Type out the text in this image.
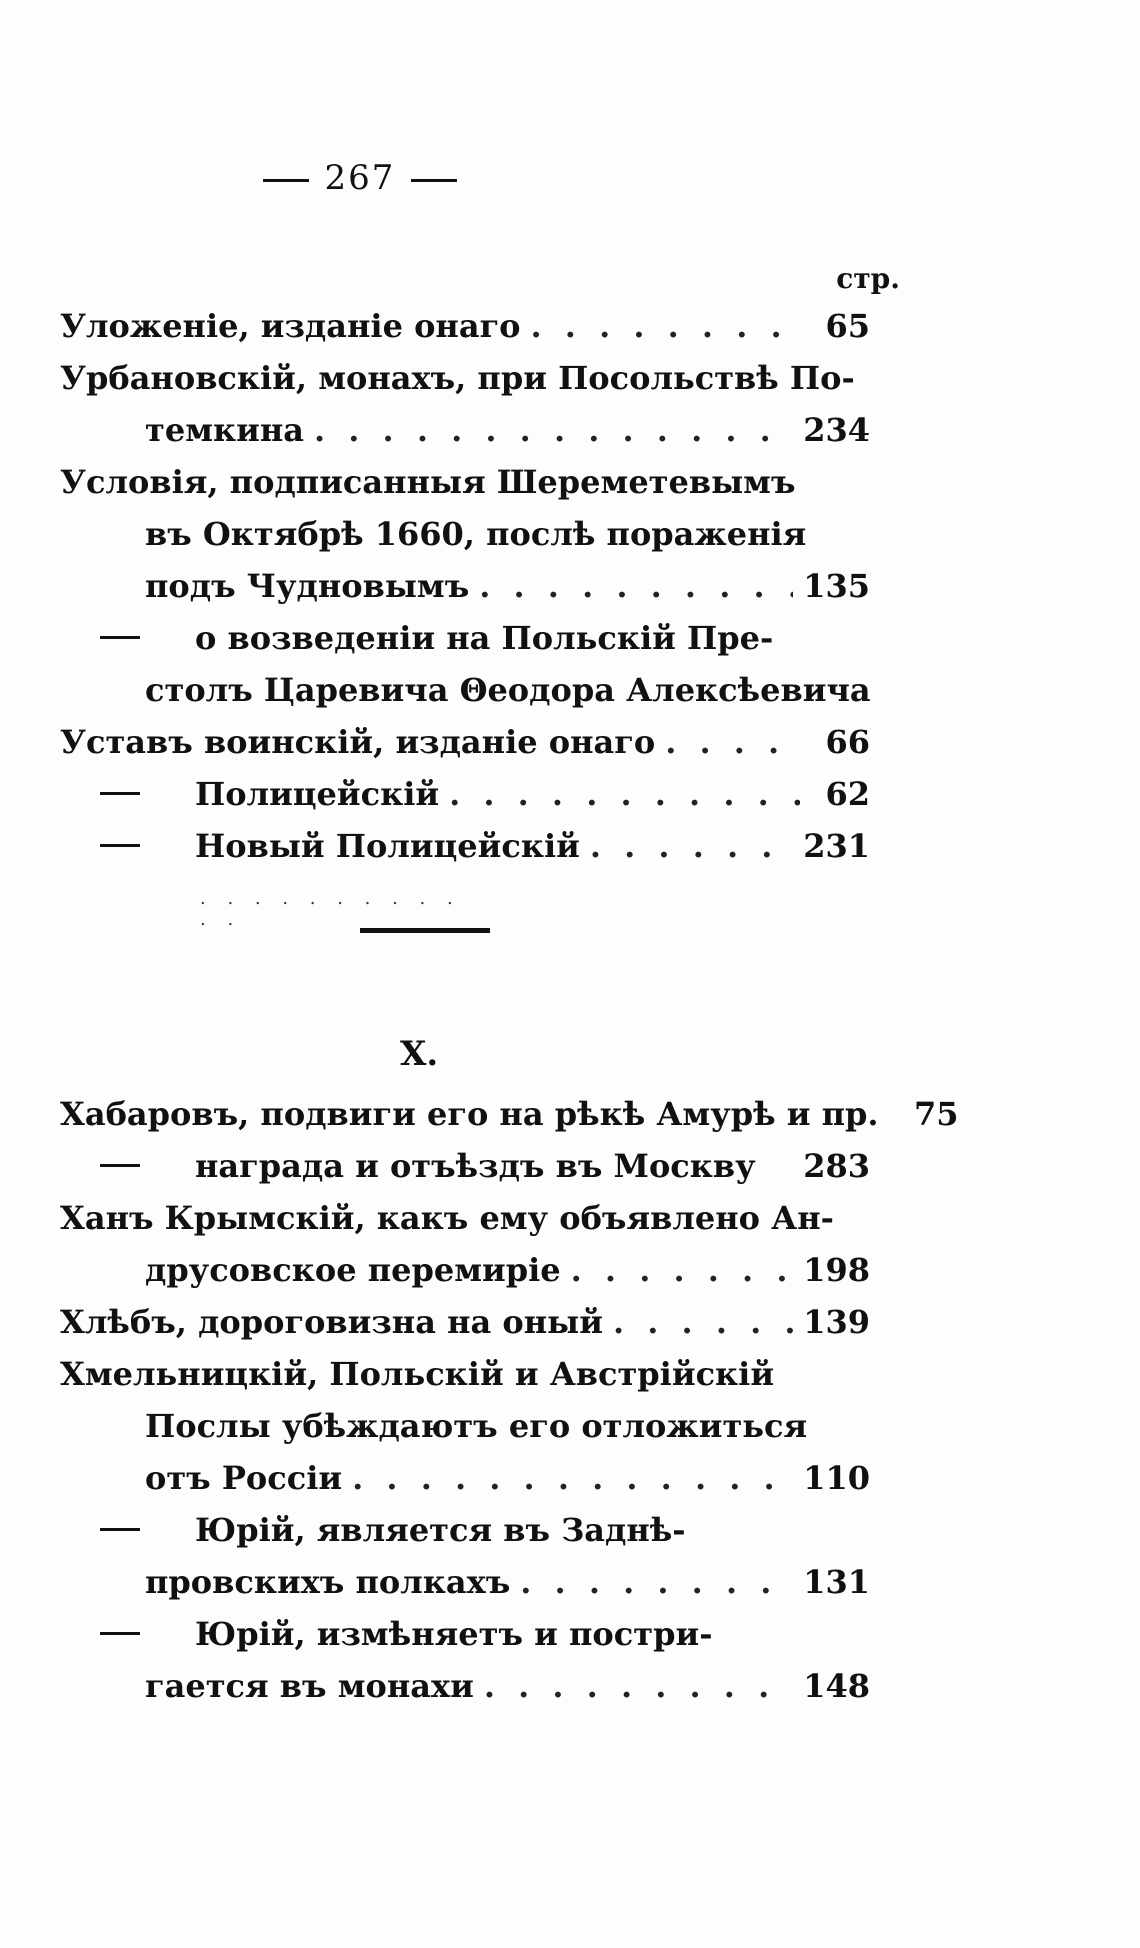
267
стр.
Уложеніе, изданіе онаго . . .	65
Урбановскій, монахъ, при Посольствѣ По-
темкина . . .	234
Условія, подписанныя Шереметевымъ
въ Октябрѣ 1660, послѣ пораженія
подъ Чудновымъ . . .	135
о возведеніи на Польскій Пре-
столъ Царевича Θеодора Алексѣевича
Уставъ воинскій, изданіе онаго . . .	66
Полицейскій . . .	62
Новый Полицейскій . . .	231
. . . . . . . . . . . .
Х.
Хабаровъ, подвиги его на рѣкѣ Амурѣ и пр.	75
награда и отъѣздъ въ Москву 283
Ханъ Крымскій, какъ ему объявлено Ан-
друсовское перемиріе . . .	198
Хлѣбъ, дороговизна на оный . . .	139
Хмельницкій, Польскій и Австрійскій
Послы убѣждаютъ его отложиться
отъ Россіи . . .	110
Юрій, является въ Заднѣ-
провскихъ полкахъ . . .	131
Юрій, измѣняетъ и постри-
гается въ монахи . . .	148
